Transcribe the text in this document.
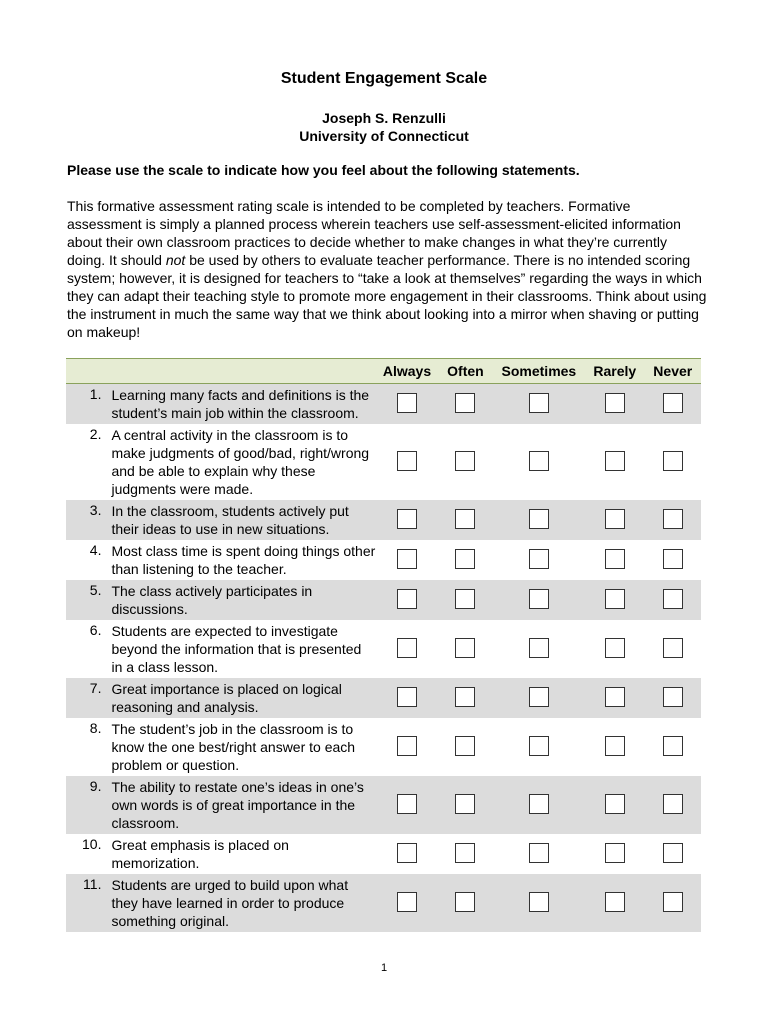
Student Engagement Scale
Joseph S. Renzulli
University of Connecticut
Please use the scale to indicate how you feel about the following statements.

This formative assessment rating scale is intended to be completed by teachers. Formative assessment is simply a planned process wherein teachers use self-assessment-elicited information about their own classroom practices to decide whether to make changes in what they’re currently doing. It should not be used by others to evaluate teacher performance. There is no intended scoring system; however, it is designed for teachers to “take a look at themselves” regarding the ways in which they can adapt their teaching style to promote more engagement in their classrooms. Think about using the instrument in much the same way that we think about looking into a mirror when shaving or putting on makeup!

		Always	Often	Sometimes	Rarely	Never
1.	Learning many facts and definitions is the student’s main job within the classroom.					
2.	A central activity in the classroom is to make judgments of good/bad, right/wrong and be able to explain why these judgments were made.					
3.	In the classroom, students actively put their ideas to use in new situations.					
4.	Most class time is spent doing things other than listening to the teacher.					
5.	The class actively participates in discussions.					
6.	Students are expected to investigate beyond the information that is presented in a class lesson.					
7.	Great importance is placed on logical reasoning and analysis.					
8.	The student’s job in the classroom is to know the one best/right answer to each problem or question.					
9.	The ability to restate one’s ideas in one’s own words is of great importance in the classroom.					
10.	Great emphasis is placed on memorization.					
11.	Students are urged to build upon what they have learned in order to produce something original.					
1
